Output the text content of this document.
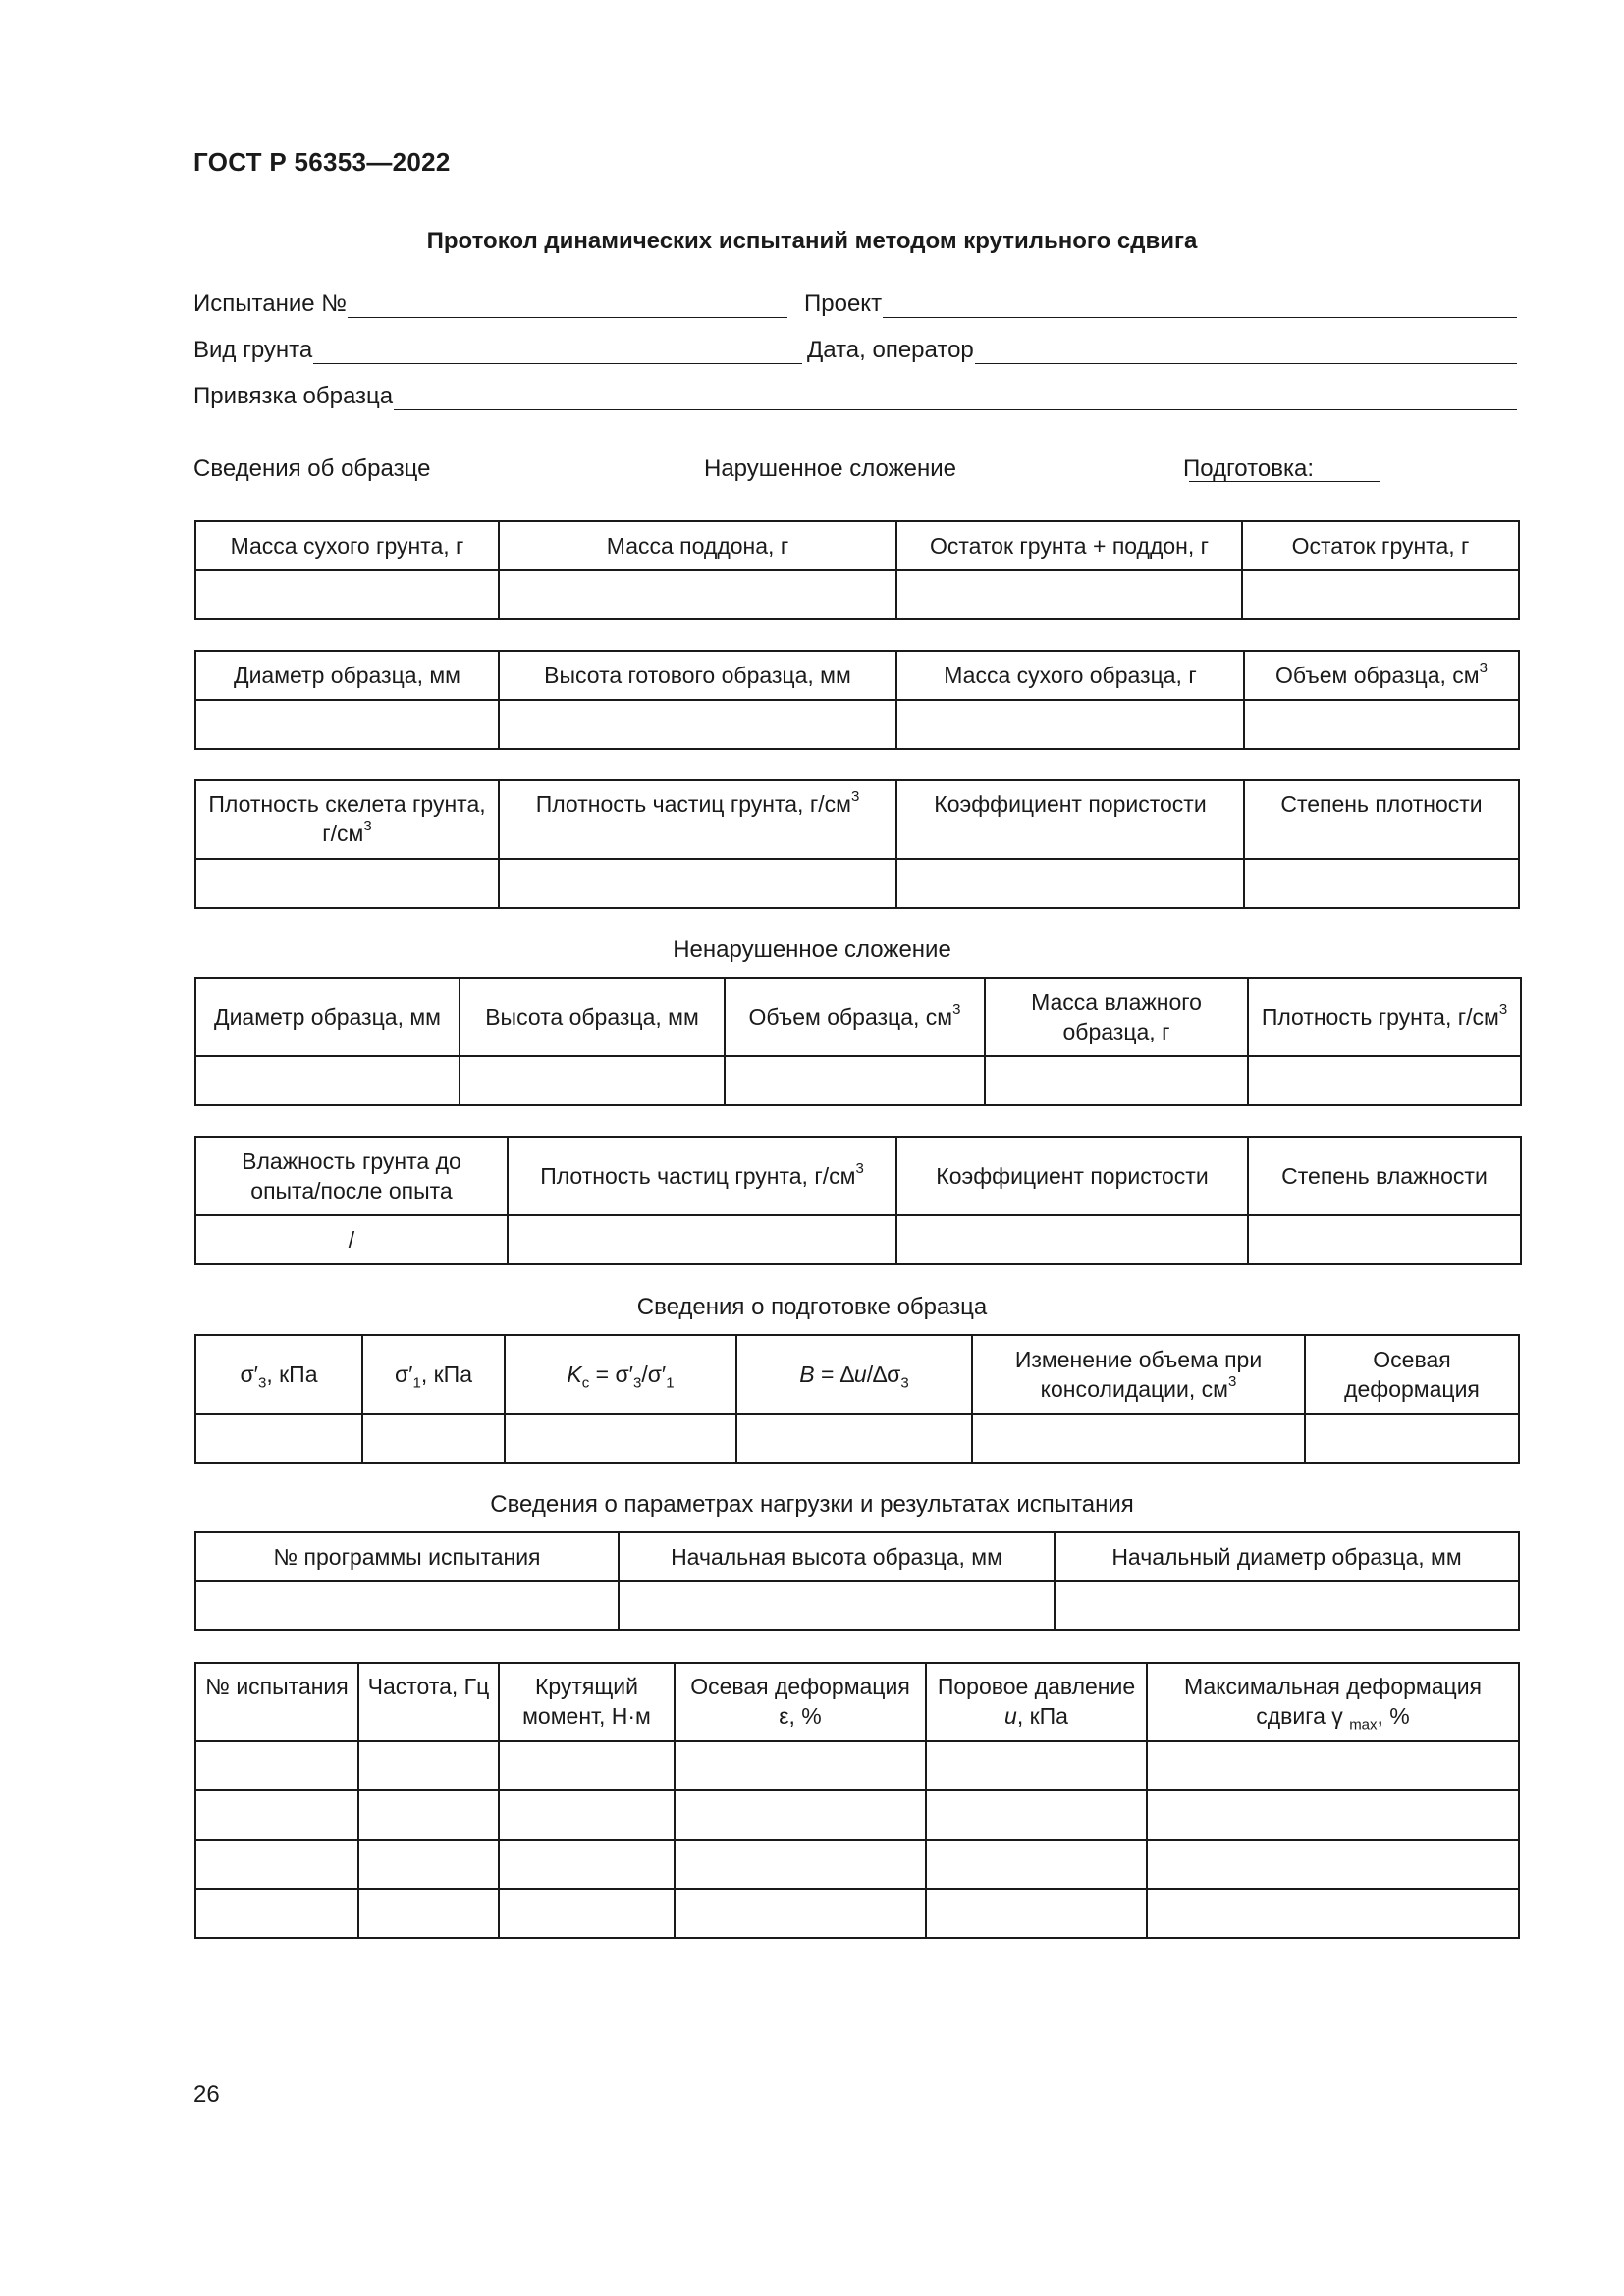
ГОСТ Р 56353—2022
Протокол динамических испытаний методом крутильного сдвига
Испытание №	Проект
Вид грунта	Дата, оператор
Привязка образца
Сведения об образце	Нарушенное сложение	Подготовка:
Масса сухого грунта, г	Масса поддона, г	Остаток грунта + поддон, г	Остаток грунта, г

Диаметр образца, мм	Высота готового образца, мм	Масса сухого образца, г	Объем образца, $см^3$

Плотность скелета грунта, $г/см^3$	Плотность частиц грунта, $г/см^3$	Коэффициент пористости	Степень плотности

Ненарушенное сложение
Диаметр образца, мм	Высота образца, мм	Объем образца, $см^3$	Масса влажного образца, г	Плотность грунта, $г/см^3$

Влажность грунта до опыта/после опыта	Плотность частиц грунта, $г/см^3$	Коэффициент пористости	Степень влажности
/			
Сведения о подготовке образца
$\sigma'_3$, кПа	$\sigma'_1$, кПа	$K_c = \sigma'_3/\sigma'_1$	$B = \Delta u/\Delta\sigma_3$	Изменение объема при консолидации, $см^3$	Осевая деформация

Сведения о параметрах нагрузки и результатах испытания
№ программы испытания	Начальная высота образца, мм	Начальный диаметр образца, мм

№ испытания	Частота, Гц	Крутящий момент, Н·м	Осевая деформация ε, %	Поровое давление u, кПа	Максимальная деформация сдвига γ $_{max}$, %

26
